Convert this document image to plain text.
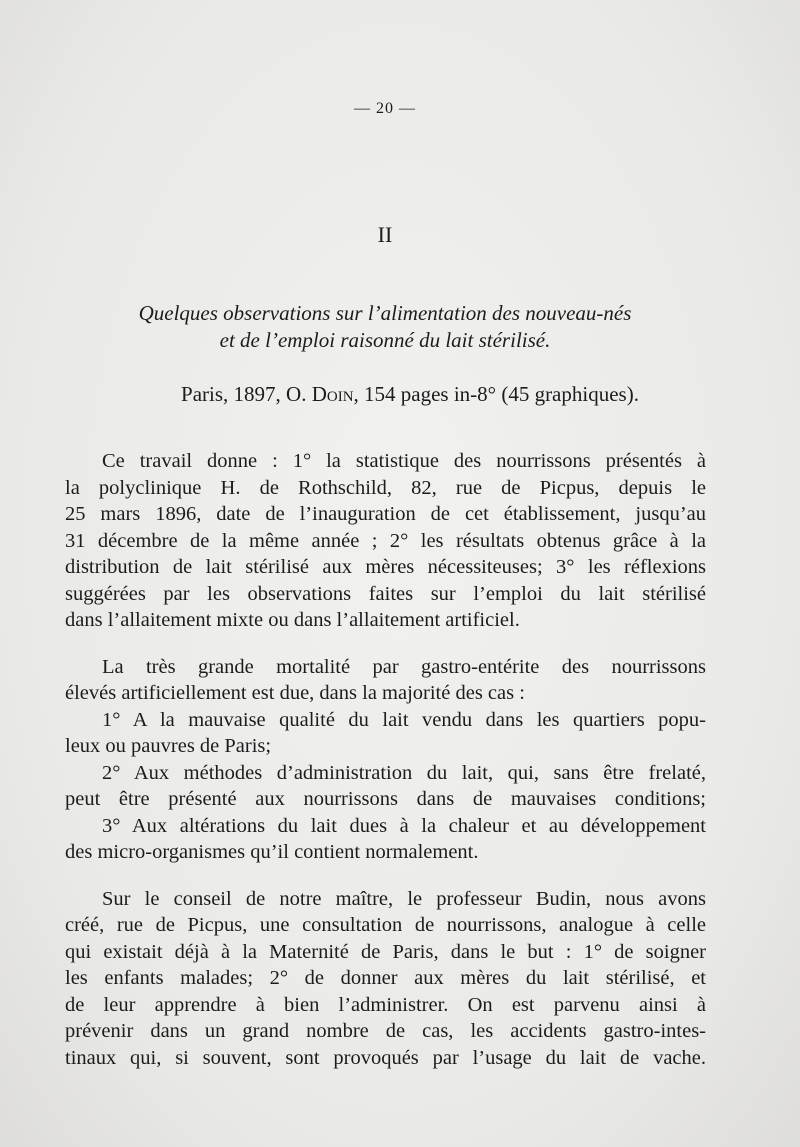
— 20 —
II
Quelques observations sur l’alimentation des nouveau-nés
et de l’emploi raisonné du lait stérilisé.
Paris, 1897, O. Doin, 154 pages in-8° (45 graphiques).
Ce travail donne : 1° la statistique des nourrissons présentés à
la polyclinique H. de Rothschild, 82, rue de Picpus, depuis le
25 mars 1896, date de l’inauguration de cet établissement, jusqu’au
31 décembre de la même année ; 2° les résultats obtenus grâce à la
distribution de lait stérilisé aux mères nécessiteuses; 3° les réflexions
suggérées par les observations faites sur l’emploi du lait stérilisé
dans l’allaitement mixte ou dans l’allaitement artificiel.
La très grande mortalité par gastro-entérite des nourrissons
élevés artificiellement est due, dans la majorité des cas :
1° A la mauvaise qualité du lait vendu dans les quartiers popu-
leux ou pauvres de Paris;
2° Aux méthodes d’administration du lait, qui, sans être frelaté,
peut être présenté aux nourrissons dans de mauvaises conditions;
3° Aux altérations du lait dues à la chaleur et au développement
des micro-organismes qu’il contient normalement.
Sur le conseil de notre maître, le professeur Budin, nous avons
créé, rue de Picpus, une consultation de nourrissons, analogue à celle
qui existait déjà à la Maternité de Paris, dans le but : 1° de soigner
les enfants malades; 2° de donner aux mères du lait stérilisé, et
de leur apprendre à bien l’administrer. On est parvenu ainsi à
prévenir dans un grand nombre de cas, les accidents gastro-intes-
tinaux qui, si souvent, sont provoqués par l’usage du lait de vache.
